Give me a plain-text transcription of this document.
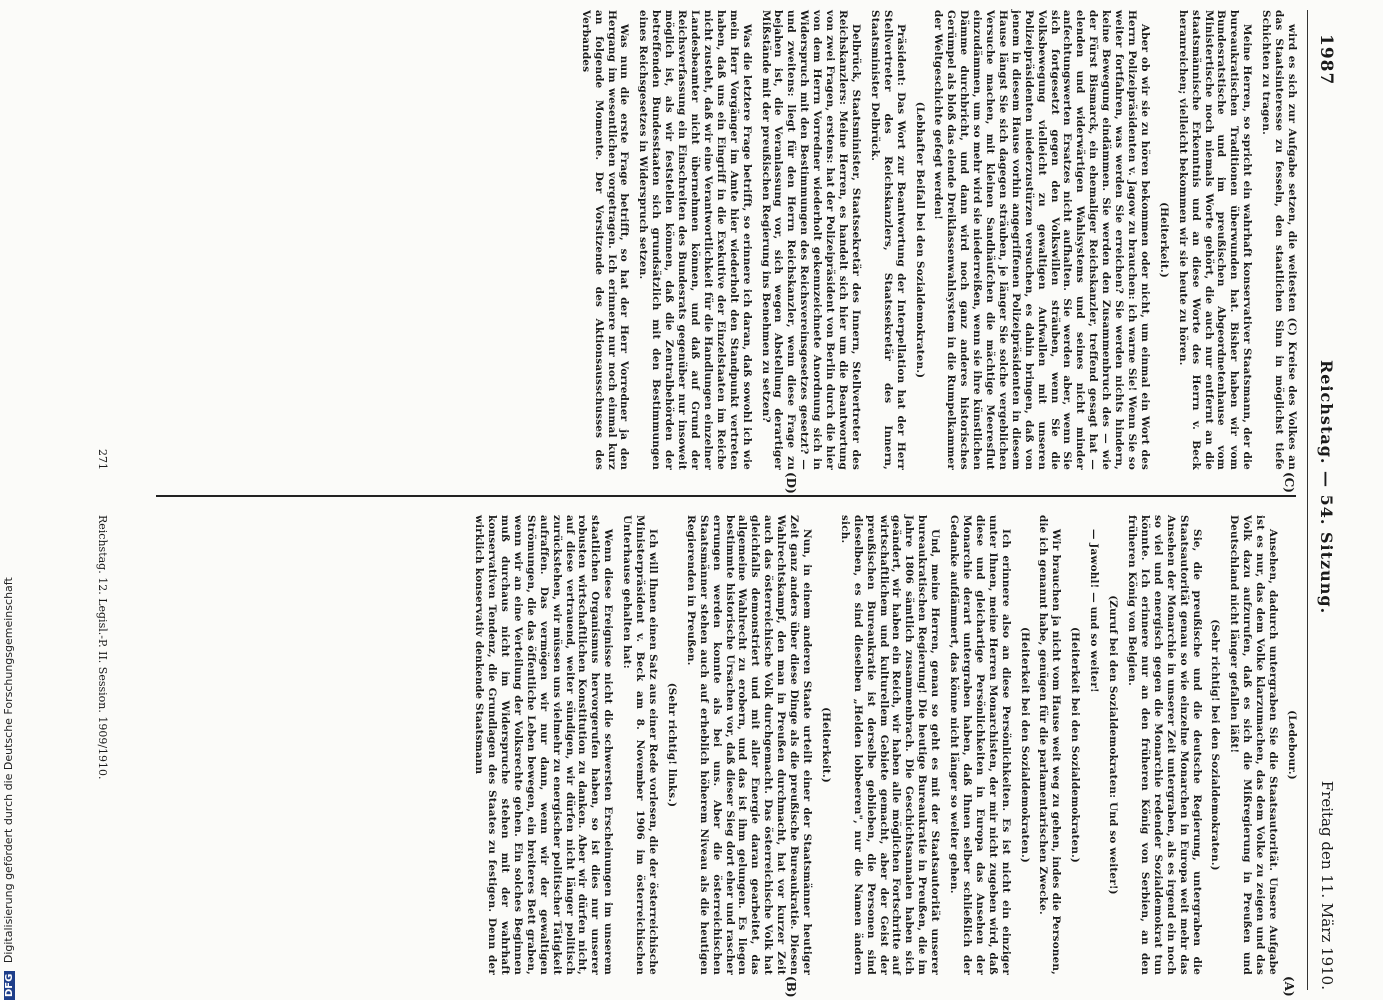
1987
Reichstag. — 54. Sitzung.
Freitag den 11. März 1910.

wird es sich zur Aufgabe setzen, die weitesten (C) Kreise des Volkes an das Staatsinteresse zu fesseln, den staatlichen Sinn in möglichst tiefe Schichten zu tragen.

Meine Herren, so spricht ein wahrhaft konservativer Staatsmann, der die bureaukratischen Traditionen überwunden hat. Bisher haben wir vom Bundesratstische und im preußischen Abgeordnetenhause vom Ministertische noch niemals Worte gehört, die auch nur entfernt an die staatsmännische Erkenntnis und an diese Worte des Herrn v. Beck heranreichen; vielleicht bekommen wir sie heute zu hören.

(Heiterkeit.)

Aber ob wir sie zu hören bekommen oder nicht, um einmal ein Wort des Herrn Polizeipräsidenten v. Jagow zu brauchen: ich warne Sie! Wenn Sie so weiter fortfahren, was werden Sie erreichen? Sie werden nichts hindern, keine Bewegung eindämmen. Sie werden den Zusammenbruch des — wie der Fürst Bismarck, ein ehemaliger Reichskanzler, treffend gesagt hat — elenden und widerwärtigen Wahlsystems und seines nicht minder anfechtungswerten Ersatzes nicht aufhalten. Sie werden aber, wenn Sie sich fortgesetzt gegen den Volkswillen sträuben, wenn Sie die Volksbewegung vielleicht zu gewaltigen Aufwallen mit unseren Polizeipräsidenten niederzustürzen versuchen, es dahin bringen, daß von jenem in diesem Hause vorhin angegriffenen Polizeipräsidenten in diesem Hause längst Sie sich dagegen sträuben, je länger Sie solche vergeblichen Versuche machen, mit kleinen Sandhäufchen die mächtige Meeresflut einzudämmen, um so mehr wird sie niederreißen, wenn sie ihre künstlichen Dämme durchbricht, und dann wird noch ganz anderes historisches Gerümpel als bloß das elende Dreiklassenwahlsystem in die Rumpelkammer der Weltgeschichte gefegt werden!

(Lebhafter Beifall bei den Sozialdemokraten.)

Präsident: Das Wort zur Beantwortung der Interpellation hat der Herr Stellvertreter des Reichskanzlers, Staatssekretär des Innern, Staatsminister Delbrück.

Delbrück, Staatsminister, Staatssekretär des Innern, Stellvertreter des Reichskanzlers: Meine Herren, es handelt sich hier um die Beantwortung von zwei Fragen, erstens: hat der Polizeipräsident von Berlin durch die hier von dem Herrn Vorredner wiederholt gekennzeichnete Anordnung sich in Widerspruch mit den Bestimmungen des Reichsvereinsgesetzes gesetzt? — und zweitens: liegt für den Herrn Reichskanzler, wenn diese Frage zu bejahen ist, die Veranlassung vor, sich wegen Abstellung derartiger Mißstände mit der preußischen Regierung ins Benehmen zu setzen?

Was die letztere Frage betrifft, so erinnere ich daran, daß sowohl ich wie mein Herr Vorgänger im Amte hier wiederholt den Standpunkt vertreten haben, daß uns ein Eingriff in die Exekutive der Einzelstaaten im Reiche nicht zusteht, daß wir eine Verantwortlichkeit für die Handlungen einzelner Landesbeamter nicht übernehmen können, und daß auf Grund der Reichsverfassung ein Einschreiten des Bundesrats gegenüber nur insoweit möglich ist, als wir feststellen können, daß die Zentralbehörden der betreffenden Bundesstaaten sich grundsätzlich mit den Bestimmungen eines Reichsgesetzes in Widerspruch setzen.

Was nun die erste Frage betrifft, so hat der Herr Vorredner ja den Hergang im wesentlichen vorgetragen. Ich erinnere nur noch einmal kurz an folgende Momente. Der Vorsitzende des Aktionsausschusses des Verbandes

(Ledebour.)

Ansehen, dadurch untergraben Sie die Staatsautorität. Unsere Aufgabe ist es nur, das dem Volke klarzumachen, das dem Volke zu zeigen und das Volk dazu aufzurufen, daß es sich die Mißregierung in Preußen und Deutschland nicht länger gefallen läßt!

(Sehr richtig! bei den Sozialdemokraten.)

Sie, die preußische und die deutsche Regierung, untergraben die Staatsautorität genau so wie einzelne Monarchen in Europa weit mehr das Ansehen der Monarchie in unserer Zeit untergraben, als es irgend ein noch so viel und energisch gegen die Monarchie redender Sozialdemokrat tun könnte. Ich erinnere nur an den früheren König von Serbien, an den früheren König von Belgien.

(Zuruf bei den Sozialdemokraten: Und so weiter!)

— Jawohl! — und so weiter!

(Heiterkeit bei den Sozialdemokraten.)

Wir brauchen ja nicht vom Hause weit weg zu gehen, indes die Personen, die ich genannt habe, genügen für die parlamentarischen Zwecke.

(Heiterkeit bei den Sozialdemokraten.)

Ich erinnere also an diese Persönlichkeiten. Es ist nicht ein einziger unter Ihnen, meine Herren Monarchisten, der mir nicht zugeben wird, daß diese und gleichartige Persönlichkeiten in Europa das Ansehen der Monarchie derart untergraben haben, daß Ihnen selber schließlich der Gedanke aufdämmert, das könne nicht länger so weiter gehen.

Und, meine Herren, genau so geht es mit der Staatsautorität unserer bureaukratischen Regierung! Die heutige Bureaukratie in Preußen, die im Jahre 1806 sämtlich zusammenbrach. Die Geschichtsannalen haben sich geändert, wir haben ein Reich, wir haben alle möglichen Fortschritte auf wirtschaftlichem und kulturellem Gebiete gemacht, aber der Geist der preußischen Bureaukratie ist derselbe geblieben, die Personen sind dieselben, es sind dieselben „Helden lobbeeren", nur die Namen ändern sich.

(Heiterkeit.)

Nun, in einem anderen Staate urteilt einer der Staatsmänner heutiger Zeit ganz anders über diese Dinge als die preußische Bureaukratie. Diesen Wahlrechtskampf, den man in Preußen durchmacht, hat vor kurzer Zeit auch das österreichische Volk durchgemacht. Das österreichische Volk hat gleichfalls demonstriert und mit aller Energie daran gearbeitet, das allgemeine Wahlrecht zu erobern, und das ist ihm gelungen. Es liegen bestimmte historische Ursachen vor, daß dieser Sieg dort eher und rascher errungen werden konnte als bei uns. Aber die österreichischen Staatsmänner stehen auch auf erheblich höherem Niveau als die heutigen Regierenden in Preußen.

(Sehr richtig! links.)

Ich will Ihnen einen Satz aus einer Rede vorlesen, die der österreichische Ministerpräsident v. Beck am 8. November 1906 im österreichischen Unterhause gehalten hat:

Wenn diese Ereignisse nicht die schwersten Erscheinungen im unserem staatlichen Organismus hervorgerufen haben, so ist dies nur unserer robusten wirtschaftlichen Konstitution zu danken. Aber wir dürfen nicht, auf diese vertrauend, weiter sündigen, wir dürfen nicht länger politisch zurückstehen, wir müssen uns vielmehr zu energischer politischer Tätigkeit aufraffen. Das vermögen wir nur dann, wenn wir der gewaltigen Strömungen, die das öffentliche Leben bewegen, ein breiteres Bett graben, wenn wir an eine Verteilung der Volksrechte gehen. Ein solches Beginnen muß durchaus nicht im Widerspruche stehen mit der wahrhaft konservativen Tendenz, die Grundlagen des Staates zu festigen. Denn der wirklich konservativ denkende Staatsmann

(C)
(D)
(A)
(B)
Reichstag. 12. Legisl.-P. II. Session. 1909/1910.
271
DFG Digitalisierung gefördert durch die Deutsche Forschungsgemeinschaft
